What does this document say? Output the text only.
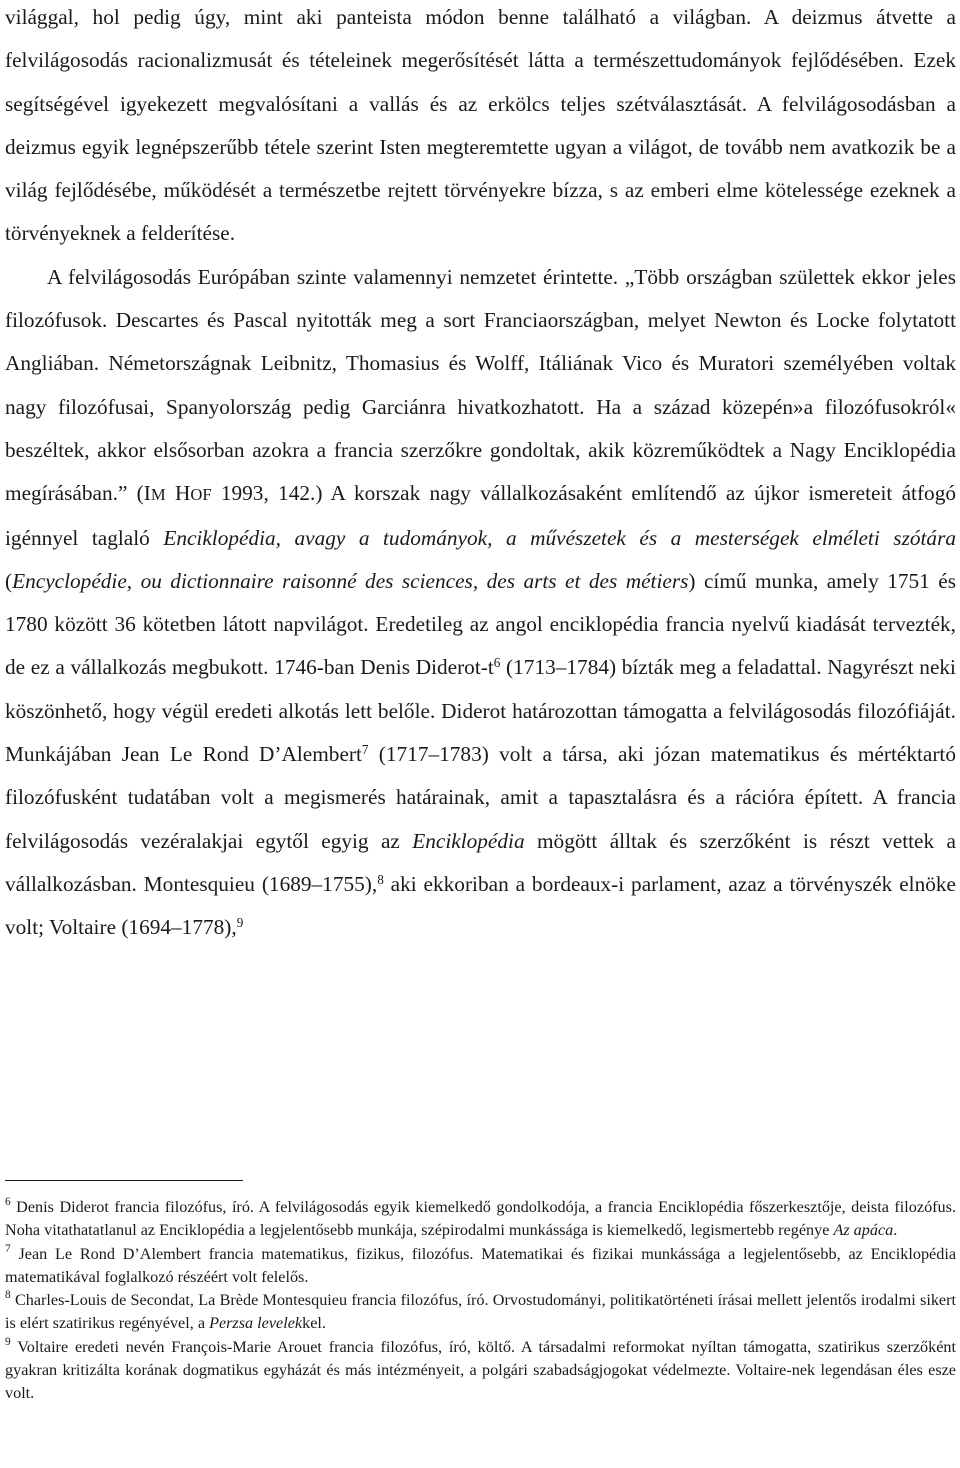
világgal, hol pedig úgy, mint aki panteista módon benne található a világban. A deizmus átvette a felvilágosodás racionalizmusát és tételeinek megerősítését látta a természettudományok fejlődésében. Ezek segítségével igyekezett megvalósítani a vallás és az erkölcs teljes szétválasztását. A felvilágosodásban a deizmus egyik legnépszerűbb tétele szerint Isten megteremtette ugyan a világot, de tovább nem avatkozik be a világ fejlődésébe, működését a természetbe rejtett törvényekre bízza, s az emberi elme kötelessége ezeknek a törvényeknek a felderítése.

A felvilágosodás Európában szinte valamennyi nemzetet érintette. „Több országban születtek ekkor jeles filozófusok. Descartes és Pascal nyitották meg a sort Franciaországban, melyet Newton és Locke folytatott Angliában. Németországnak Leibnitz, Thomasius és Wolff, Itáliának Vico és Muratori személyében voltak nagy filozófusai, Spanyolország pedig Garciánra hivatkozhatott. Ha a század közepén»a filozófusokról« beszéltek, akkor elsősorban azokra a francia szerzőkre gondoltak, akik közreműködtek a Nagy Enciklopédia megírásában.” (IM HOF 1993, 142.) A korszak nagy vállalkozásaként említendő az újkor ismereteit átfogó igénnyel taglaló Enciklopédia, avagy a tudományok, a művészetek és a mesterségek elméleti szótára (Encyclopédie, ou dictionnaire raisonné des sciences, des arts et des métiers) című munka, amely 1751 és 1780 között 36 kötetben látott napvilágot. Eredetileg az angol enciklopédia francia nyelvű kiadását tervezték, de ez a vállalkozás megbukott. 1746-ban Denis Diderot-$t^6$ (1713–1784) bízták meg a feladattal. Nagyrészt neki köszönhető, hogy végül eredeti alkotás lett belőle. Diderot határozottan támogatta a felvilágosodás filozófiáját. Munkájában Jean Le Rond D’Alembert$^7$ (1717–1783) volt a társa, aki józan matematikus és mértéktartó filozófusként tudatában volt a megismerés határainak, amit a tapasztalásra és a rációra épített. A francia felvilágosodás vezéralakjai egytől egyig az Enciklopédia mögött álltak és szerzőként is részt vettek a vállalkozásban. Montesquieu (1689–1755),$^8$ aki ekkoriban a bordeaux-i parlament, azaz a törvényszék elnöke volt; Voltaire (1694–1778),$^9$

$^6$ Denis Diderot francia filozófus, író. A felvilágosodás egyik kiemelkedő gondolkodója, a francia Enciklopédia főszerkesztője, deista filozófus. Noha vitathatatlanul az Enciklopédia a legjelentősebb munkája, szépirodalmi munkássága is kiemelkedő, legismertebb regénye Az apáca.

$^7$ Jean Le Rond D’Alembert francia matematikus, fizikus, filozófus. Matematikai és fizikai munkássága a legjelentősebb, az Enciklopédia matematikával foglalkozó részéért volt felelős.

$^8$ Charles-Louis de Secondat, La Brède Montesquieu francia filozófus, író. Orvostudományi, politikatörténeti írásai mellett jelentős irodalmi sikert is elért szatirikus regényével, a Perzsa levelekkel.

$^9$ Voltaire eredeti nevén François-Marie Arouet francia filozófus, író, költő. A társadalmi reformokat nyíltan támogatta, szatirikus szerzőként gyakran kritizálta korának dogmatikus egyházát és más intézményeit, a polgári szabadságjogokat védelmezte. Voltaire-nek legendásan éles esze volt.
